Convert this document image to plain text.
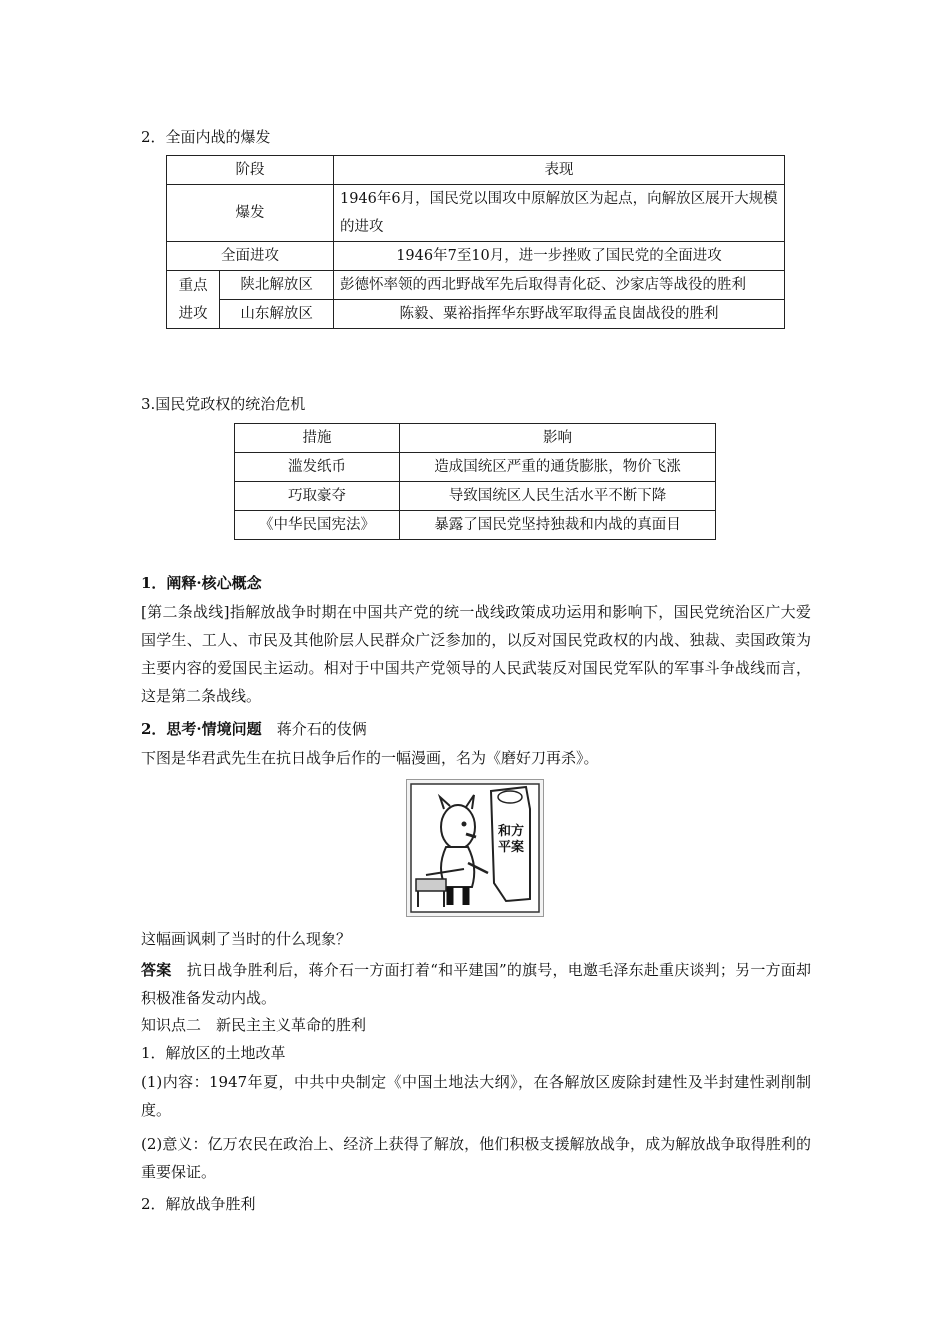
2．全面内战的爆发
阶段		表现
爆发		1946年6月，国民党以围攻中原解放区为起点，向解放区展开大规模的进攻
全面进攻		1946年7至10月，进一步挫败了国民党的全面进攻
重点进攻	陕北解放区	彭德怀率领的西北野战军先后取得青化砭、沙家店等战役的胜利
	山东解放区	陈毅、粟裕指挥华东野战军取得孟良崮战役的胜利
3.国民党政权的统治危机
措施	影响
滥发纸币	造成国统区严重的通货膨胀，物价飞涨
巧取豪夺	导致国统区人民生活水平不断下降
《中华民国宪法》	暴露了国民党坚持独裁和内战的真面目
1．阐释·核心概念
[第二条战线]指解放战争时期在中国共产党的统一战线政策成功运用和影响下，国民党统治区广大爱国学生、工人、市民及其他阶层人民群众广泛参加的，以反对国民党政权的内战、独裁、卖国政策为主要内容的爱国民主运动。相对于中国共产党领导的人民武装反对国民党军队的军事斗争战线而言，这是第二条战线。
2．思考·情境问题　 蒋介石的伎俩
下图是华君武先生在抗日战争后作的一幅漫画，名为《磨好刀再杀》。
和方
平案
这幅画讽刺了当时的什么现象？
答案　 抗日战争胜利后，蒋介石一方面打着“和平建国”的旗号，电邀毛泽东赴重庆谈判；另一方面却积极准备发动内战。
知识点二　新民主主义革命的胜利
1．解放区的土地改革
(1)内容：1947年夏，中共中央制定《中国土地法大纲》，在各解放区废除封建性及半封建性剥削制度。
(2)意义：亿万农民在政治上、经济上获得了解放，他们积极支援解放战争，成为解放战争取得胜利的重要保证。
2．解放战争胜利
